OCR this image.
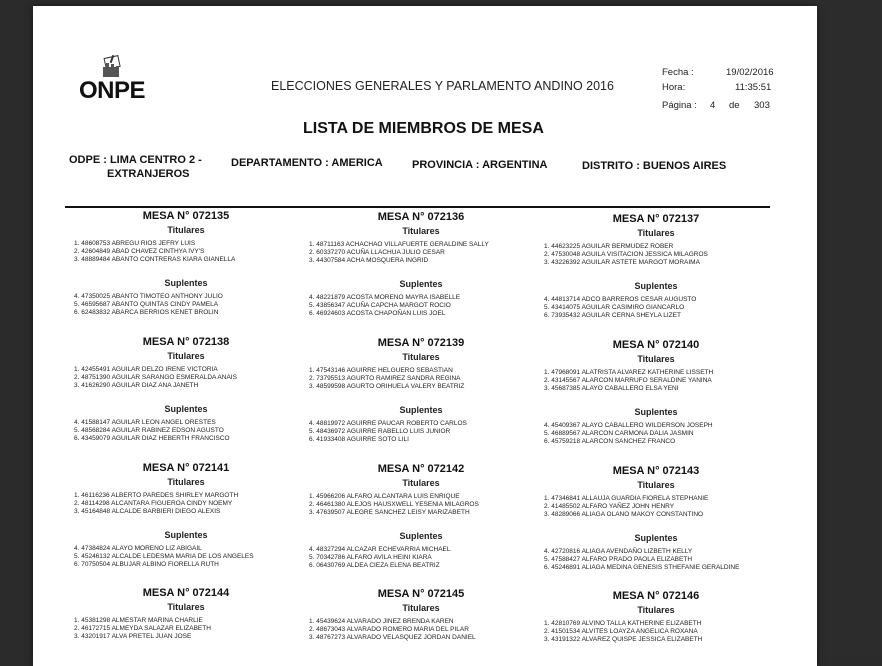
ONPE	ELECCIONES GENERALES Y PARLAMENTO ANDINO 2016
Fecha :	19/02/2016
Hora:	11:35:51
Página : 4 de 303
LISTA DE MIEMBROS DE MESA
ODPE : LIMA CENTRO 2 -
EXTRANJEROS
DEPARTAMENTO : AMERICA	PROVINCIA : ARGENTINA	DISTRITO : BUENOS AIRES
MESA N° 072135
Titulares
1. 48608753 ABREGU RIOS JEFRY LUIS
2. 42604849 ABAD CHAVEZ CINTHYA IVY'S
3. 48889484 ABANTO CONTRERAS KIARA GIANELLA
Suplentes
4. 47350025 ABANTO TIMOTEO ANTHONY JULIO
5. 46595687 ABANTO QUINTAS CINDY PAMELA
6. 62483832 ABARCA BERRIOS KENET BROLIN
MESA N° 072136
Titulares
1. 48711163 ACHACHAO VILLAFUERTE GERALDINE SALLY
2. 60337270 ACUÑA LLACHUA JULIO CESAR
3. 44307584 ACHA MOSQUERA INGRID
Suplentes
4. 48221879 ACOSTA MORENO MAYRA ISABELLE
5. 43856347 ACUÑA CAPCHA MARGOT ROCIO
6. 46924603 ACOSTA CHAPOÑAN LUIS JOEL
MESA N° 072137
Titulares
1. 44623225 AGUILAR BERMUDEZ ROBER
2. 47530048 AGUILA VISITACION JESSICA MILAGROS
3. 43226392 AGUILAR ASTETE MARGOT MORAIMA
Suplentes
4. 44813714 ADCO BARREROS CESAR AUGUSTO
5. 43414075 AGUILAR CASIMIRO GIANCARLO
6. 73935432 AGUILAR CERNA SHEYLA LIZET
MESA N° 072138
Titulares
1. 42455491 AGUILAR DELZO IRENE VICTORIA
2. 48751390 AGUILAR SARANGO ESMERALDA ANAIS
3. 41626290 AGUILAR DIAZ ANA JANETH
Suplentes
4. 41588147 AGUILAR LEON ANGEL ORESTES
5. 48568284 AGUILAR RABINEZ EDSON AGUSTO
6. 43459079 AGUILAR DIAZ HEBERTH FRANCISCO
MESA N° 072139
Titulares
1. 47543146 AGUIRRE HELGUERO SEBASTIAN
2. 73795513 AGURTO RAMIREZ SANDRA REGINA
3. 48599598 AGURTO ORIHUELA VALERY BEATRIZ
Suplentes
4. 48819972 AGUIRRE PAUCAR ROBERTO CARLOS
5. 48436972 AGUIRRE RABELLO LUIS JUNIOR
6. 41933408 AGUIRRE SOTO LILI
MESA N° 072140
Titulares
1. 47968091 ALATRISTA ALVAREZ KATHERINE LISSETH
2. 43145567 ALARCON MARRUFO SERALDINE YANINA
3. 45687385 ALAYO CABALLERO ELSA YENI
Suplentes
4. 45409367 ALAYO CABALLERO WILDERSON JOSEPH
5. 46889567 ALARCON CARMONA DALIA JASMIN
6. 45759218 ALARCON SANCHEZ FRANCO
MESA N° 072141
Titulares
1. 46116236 ALBERTO PAREDES SHIRLEY MARGOTH
2. 48114298 ALCANTARA FIGUEROA CINDY NOEMY
3. 45164848 ALCALDE BARBIERI DIEGO ALEXIS
Suplentes
4. 47384824 ALAYO MORENO LIZ ABIGAIL
5. 45246132 ALCALDE LEDESMA MARIA DE LOS ANGELES
6. 70750504 ALBUJAR ALBINO FIORELLA RUTH
MESA N° 072142
Titulares
1. 45966206 ALFARO ALCANTARA LUIS ENRIQUE
2. 46461380 ALEJOS HAUSXWELL YESENIA MILAGROS
3. 47639507 ALEGRE SANCHEZ LEISY MARIZABETH
Suplentes
4. 48327294 ALCAZAR ECHEVARRIA MICHAEL
5. 70342786 ALFARO AVILA HEINI KIARA
6. 06430769 ALDEA CIEZA ELENA BEATRIZ
MESA N° 072143
Titulares
1. 47346841 ALLAUJA GUARDIA FIORELA STEPHANIE
2. 41485502 ALFARO YAÑEZ JOHN HENRY
3. 48289066 ALIAGA OLANO MAKOY CONSTANTINO
Suplentes
4. 42720816 ALIAGA AVENDAÑO LIZBETH KELLY
5. 47588427 ALFARO PRADO PAOLA ELIZABETH
6. 45246891 ALIAGA MEDINA GENESIS STHEFANIE GERALDINE
MESA N° 072144
Titulares
1. 45381298 ALMESTAR MARINA CHARLIE
2. 46172715 ALMEYDA SALAZAR ELIZABETH
3. 43201917 ALVA PRETEL JUAN JOSE
MESA N° 072145
Titulares
1. 45439624 ALVARADO JINEZ BRENDA KAREN
2. 48673043 ALVARADO ROMERO MARIA DEL PILAR
3. 48767273 ALVARADO VELASQUEZ JORDAN DANIEL
MESA N° 072146
Titulares
1. 42810769 ALVINO TALLA KATHERINE ELIZABETH
2. 41501534 ALVITES LOAYZA ANGELICA ROXANA
3. 43191322 ALVAREZ QUISPE JESSICA ELIZABETH
